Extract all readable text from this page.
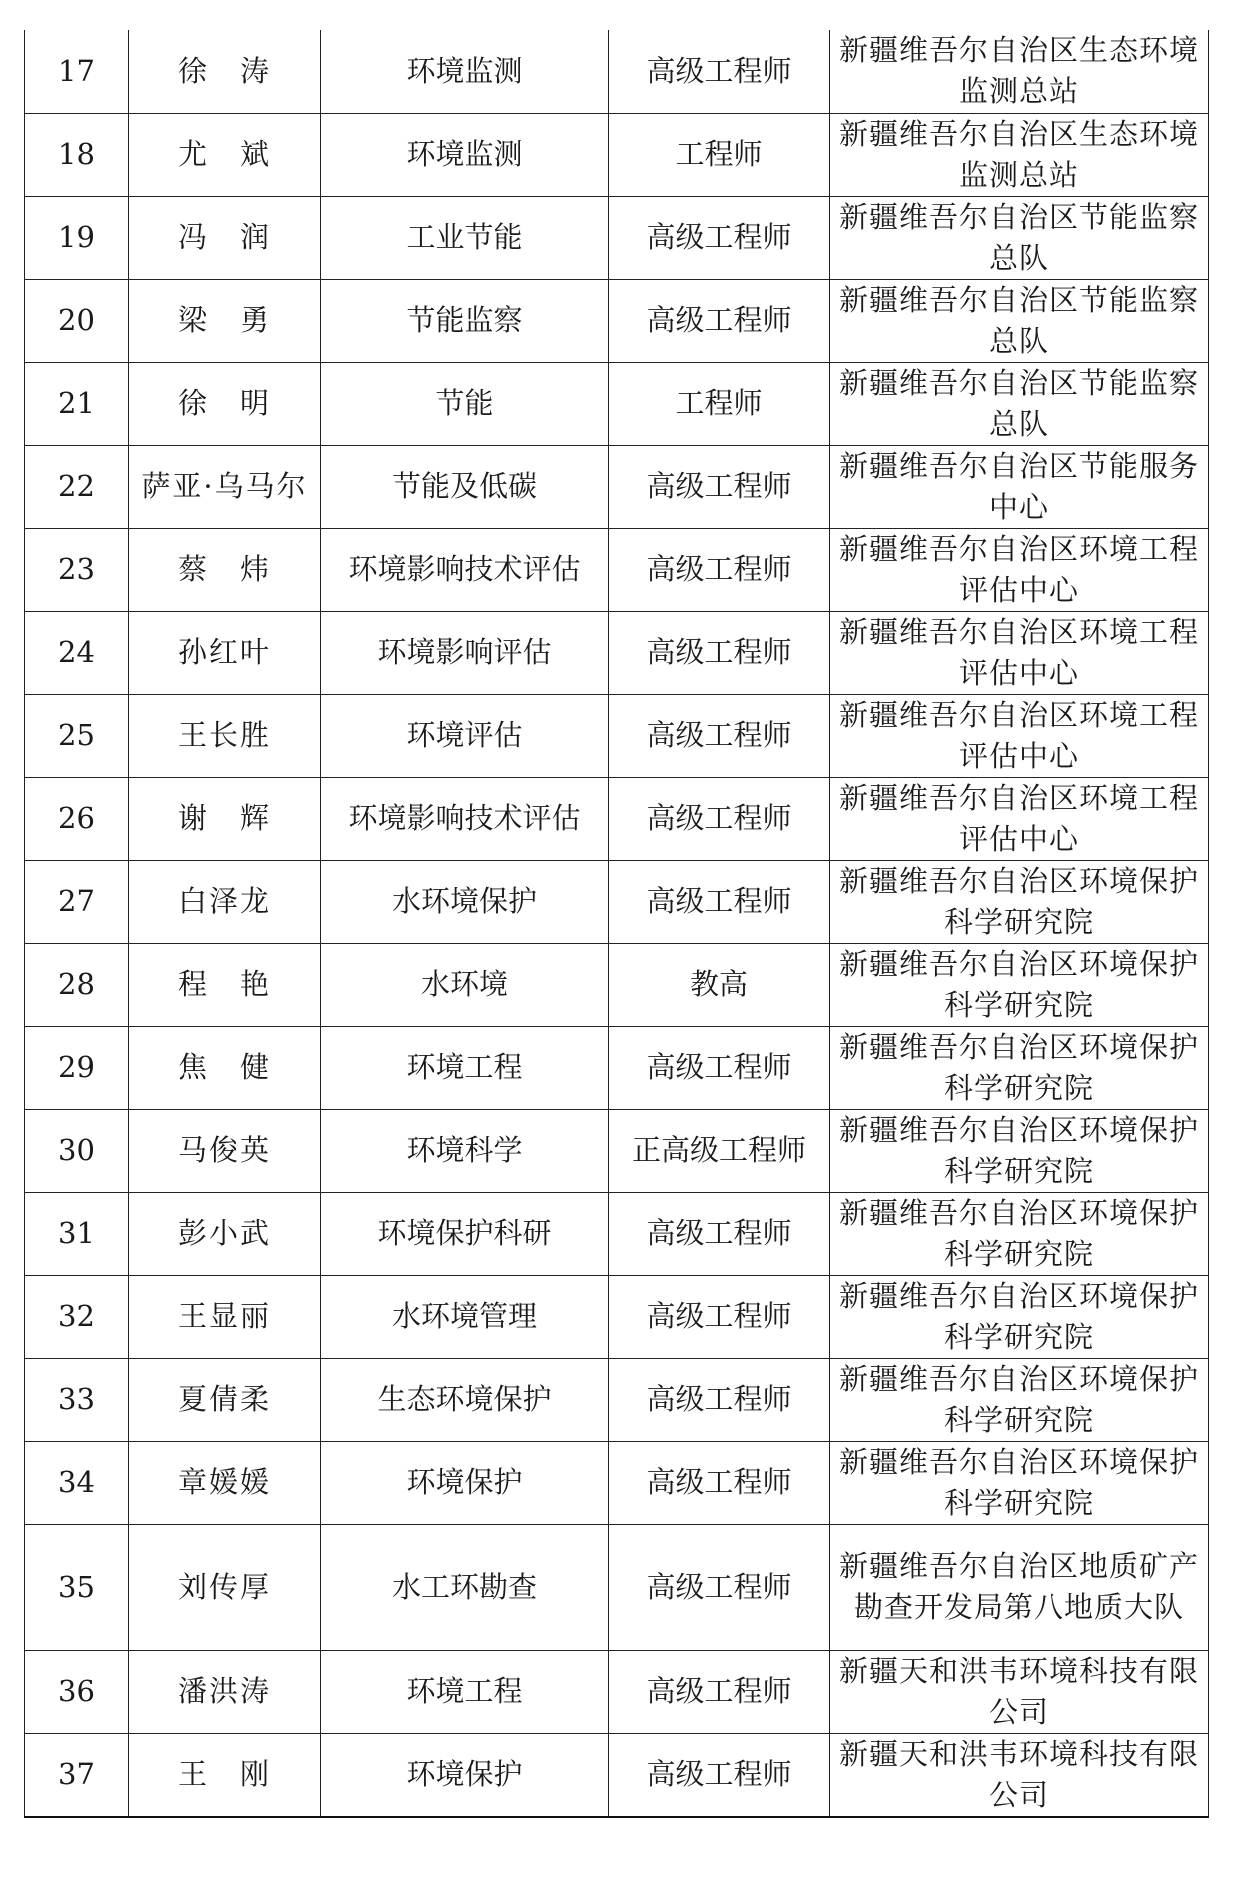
17	徐　涛	环境监测	高级工程师	新疆维吾尔自治区生态环境监测总站
18	尤　斌	环境监测	工程师	新疆维吾尔自治区生态环境监测总站
19	冯　润	工业节能	高级工程师	新疆维吾尔自治区节能监察总队
20	梁　勇	节能监察	高级工程师	新疆维吾尔自治区节能监察总队
21	徐　明	节能	工程师	新疆维吾尔自治区节能监察总队
22	萨亚·乌马尔	节能及低碳	高级工程师	新疆维吾尔自治区节能服务中心
23	蔡　炜	环境影响技术评估	高级工程师	新疆维吾尔自治区环境工程评估中心
24	孙红叶	环境影响评估	高级工程师	新疆维吾尔自治区环境工程评估中心
25	王长胜	环境评估	高级工程师	新疆维吾尔自治区环境工程评估中心
26	谢　辉	环境影响技术评估	高级工程师	新疆维吾尔自治区环境工程评估中心
27	白泽龙	水环境保护	高级工程师	新疆维吾尔自治区环境保护科学研究院
28	程　艳	水环境	教高	新疆维吾尔自治区环境保护科学研究院
29	焦　健	环境工程	高级工程师	新疆维吾尔自治区环境保护科学研究院
30	马俊英	环境科学	正高级工程师	新疆维吾尔自治区环境保护科学研究院
31	彭小武	环境保护科研	高级工程师	新疆维吾尔自治区环境保护科学研究院
32	王显丽	水环境管理	高级工程师	新疆维吾尔自治区环境保护科学研究院
33	夏倩柔	生态环境保护	高级工程师	新疆维吾尔自治区环境保护科学研究院
34	章媛媛	环境保护	高级工程师	新疆维吾尔自治区环境保护科学研究院
35	刘传厚	水工环勘查	高级工程师	新疆维吾尔自治区地质矿产勘查开发局第八地质大队
36	潘洪涛	环境工程	高级工程师	新疆天和洪韦环境科技有限公司
37	王　刚	环境保护	高级工程师	新疆天和洪韦环境科技有限公司
